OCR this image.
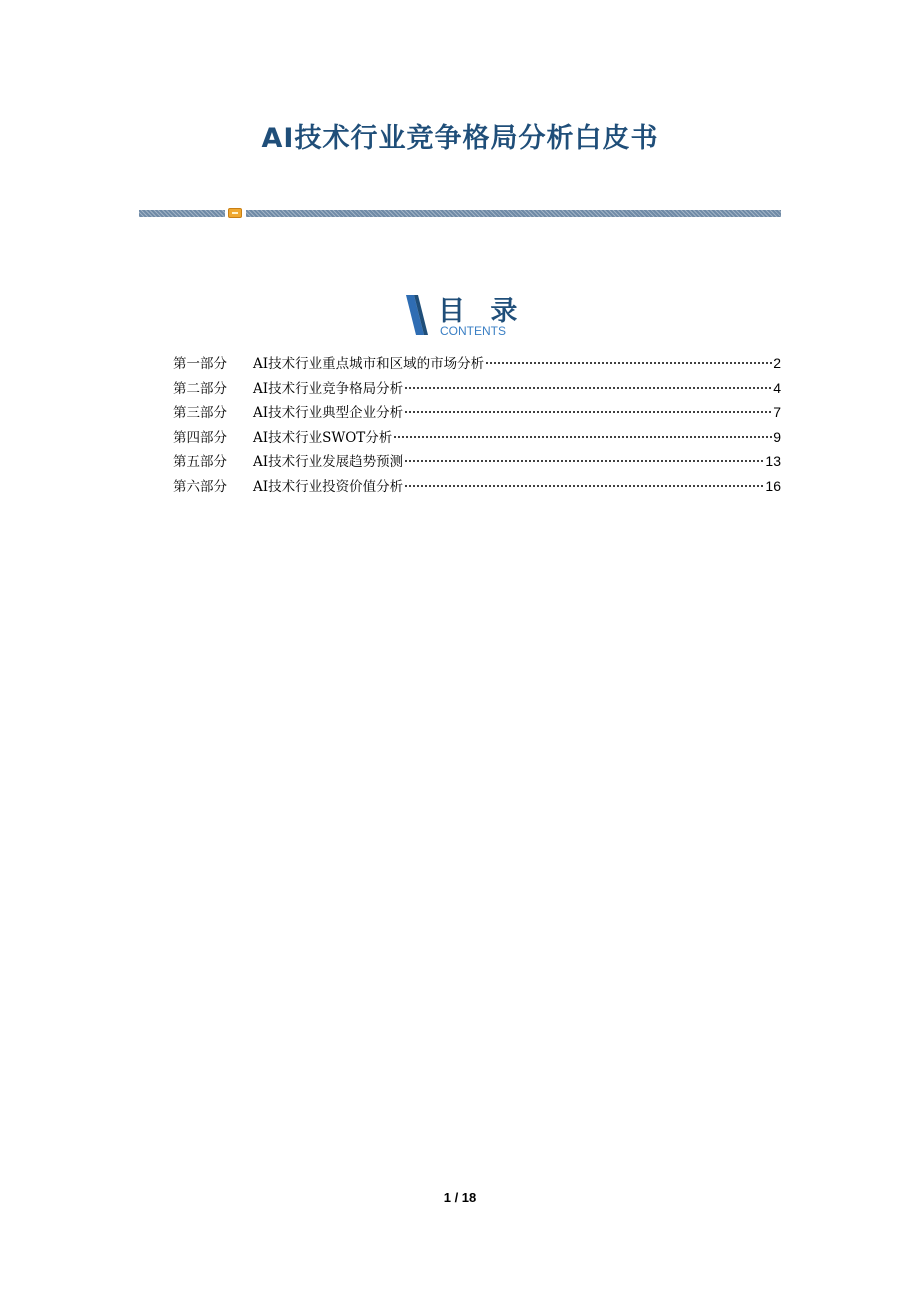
AI技术行业竞争格局分析白皮书
目 录
CONTENTS
第一部分	AI技术行业重点城市和区域的市场分析	2
第二部分	AI技术行业竞争格局分析	4
第三部分	AI技术行业典型企业分析	7
第四部分	AI技术行业SWOT分析	9
第五部分	AI技术行业发展趋势预测	13
第六部分	AI技术行业投资价值分析	16
1 / 18
